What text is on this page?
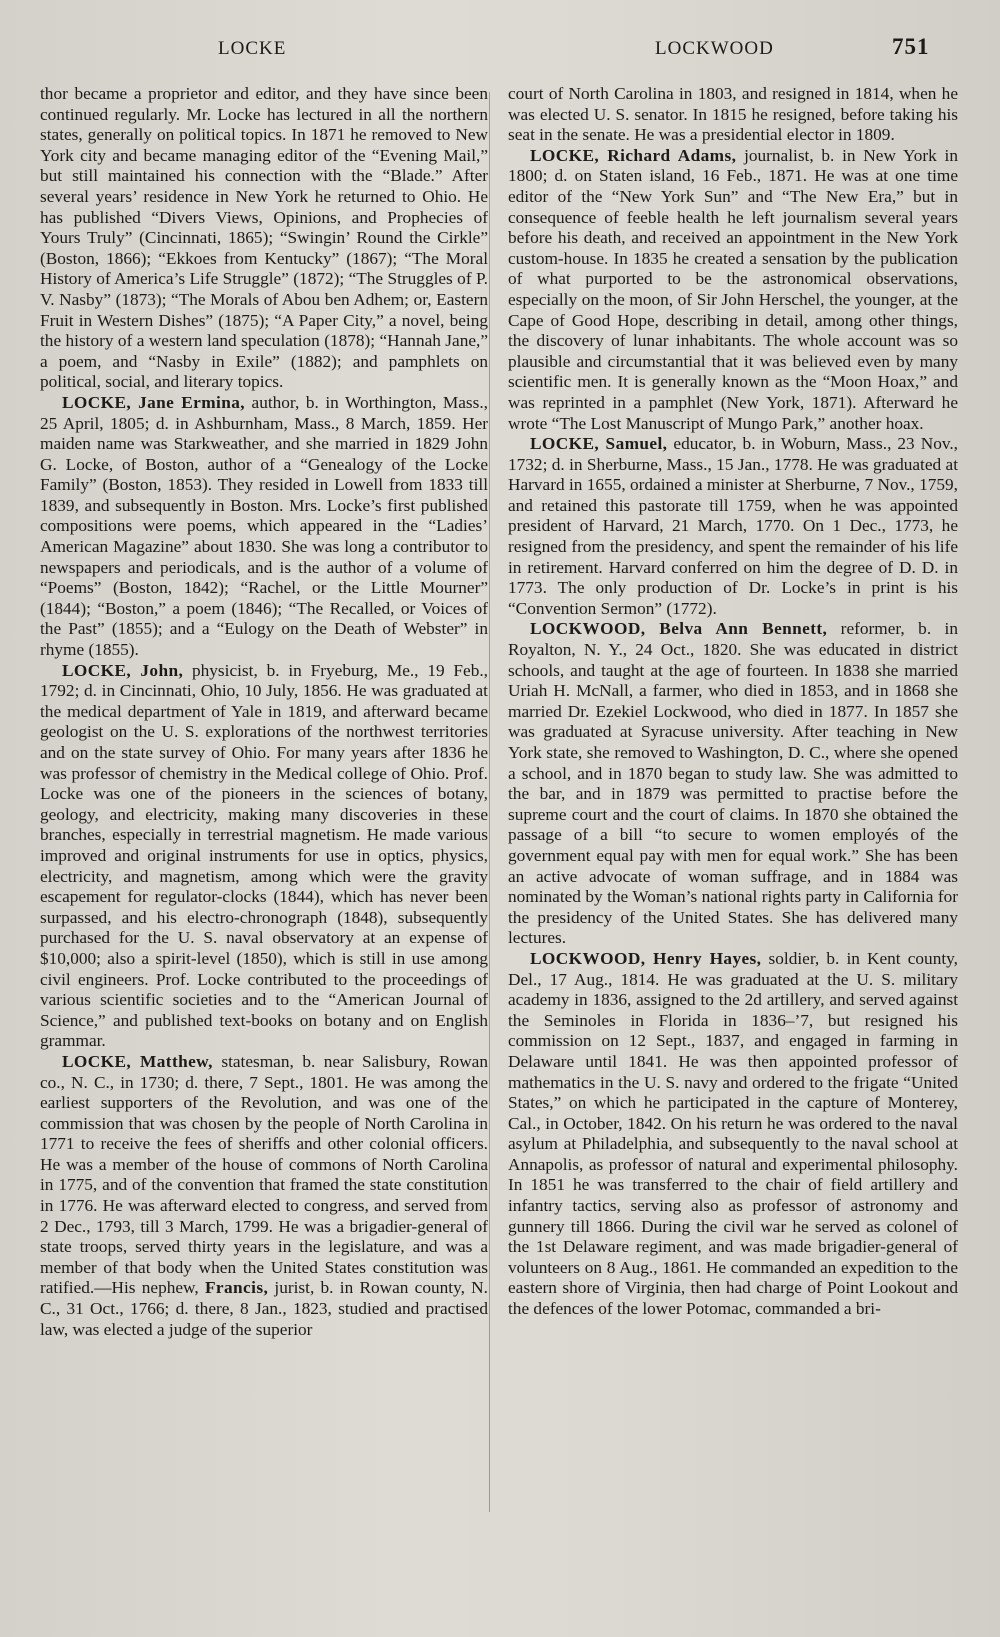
LOCKE	LOCKWOOD	751

thor became a proprietor and editor, and they have since been continued regularly. Mr. Locke has lectured in all the northern states, generally on political topics. In 1871 he removed to New York city and became managing editor of the “Evening Mail,” but still maintained his connection with the “Blade.” After several years’ residence in New York he returned to Ohio. He has published “Divers Views, Opinions, and Prophecies of Yours Truly” (Cincinnati, 1865); “Swingin’ Round the Cirkle” (Boston, 1866); “Ekkoes from Kentucky” (1867); “The Moral History of America’s Life Struggle” (1872); “The Struggles of P. V. Nasby” (1873); “The Morals of Abou ben Adhem; or, Eastern Fruit in Western Dishes” (1875); “A Paper City,” a novel, being the history of a western land speculation (1878); “Hannah Jane,” a poem, and “Nasby in Exile” (1882); and pamphlets on political, social, and literary topics.

LOCKE, Jane Ermina, author, b. in Worthington, Mass., 25 April, 1805; d. in Ashburnham, Mass., 8 March, 1859. Her maiden name was Starkweather, and she married in 1829 John G. Locke, of Boston, author of a “Genealogy of the Locke Family” (Boston, 1853). They resided in Lowell from 1833 till 1839, and subsequently in Boston. Mrs. Locke’s first published compositions were poems, which appeared in the “Ladies’ American Magazine” about 1830. She was long a contributor to newspapers and periodicals, and is the author of a volume of “Poems” (Boston, 1842); “Rachel, or the Little Mourner” (1844); “Boston,” a poem (1846); “The Recalled, or Voices of the Past” (1855); and a “Eulogy on the Death of Webster” in rhyme (1855).

LOCKE, John, physicist, b. in Fryeburg, Me., 19 Feb., 1792; d. in Cincinnati, Ohio, 10 July, 1856. He was graduated at the medical department of Yale in 1819, and afterward became geologist on the U. S. explorations of the northwest territories and on the state survey of Ohio. For many years after 1836 he was professor of chemistry in the Medical college of Ohio. Prof. Locke was one of the pioneers in the sciences of botany, geology, and electricity, making many discoveries in these branches, especially in terrestrial magnetism. He made various improved and original instruments for use in optics, physics, electricity, and magnetism, among which were the gravity escapement for regulator-clocks (1844), which has never been surpassed, and his electro-chronograph (1848), subsequently purchased for the U. S. naval observatory at an expense of $10,000; also a spirit-level (1850), which is still in use among civil engineers. Prof. Locke contributed to the proceedings of various scientific societies and to the “American Journal of Science,” and published text-books on botany and on English grammar.

LOCKE, Matthew, statesman, b. near Salisbury, Rowan co., N. C., in 1730; d. there, 7 Sept., 1801. He was among the earliest supporters of the Revolution, and was one of the commission that was chosen by the people of North Carolina in 1771 to receive the fees of sheriffs and other colonial officers. He was a member of the house of commons of North Carolina in 1775, and of the convention that framed the state constitution in 1776. He was afterward elected to congress, and served from 2 Dec., 1793, till 3 March, 1799. He was a brigadier-general of state troops, served thirty years in the legislature, and was a member of that body when the United States constitution was ratified.—His nephew, Francis, jurist, b. in Rowan county, N. C., 31 Oct., 1766; d. there, 8 Jan., 1823, studied and practised law, was elected a judge of the superior

court of North Carolina in 1803, and resigned in 1814, when he was elected U. S. senator. In 1815 he resigned, before taking his seat in the senate. He was a presidential elector in 1809.

LOCKE, Richard Adams, journalist, b. in New York in 1800; d. on Staten island, 16 Feb., 1871. He was at one time editor of the “New York Sun” and “The New Era,” but in consequence of feeble health he left journalism several years before his death, and received an appointment in the New York custom-house. In 1835 he created a sensation by the publication of what purported to be the astronomical observations, especially on the moon, of Sir John Herschel, the younger, at the Cape of Good Hope, describing in detail, among other things, the discovery of lunar inhabitants. The whole account was so plausible and circumstantial that it was believed even by many scientific men. It is generally known as the “Moon Hoax,” and was reprinted in a pamphlet (New York, 1871). Afterward he wrote “The Lost Manuscript of Mungo Park,” another hoax.

LOCKE, Samuel, educator, b. in Woburn, Mass., 23 Nov., 1732; d. in Sherburne, Mass., 15 Jan., 1778. He was graduated at Harvard in 1655, ordained a minister at Sherburne, 7 Nov., 1759, and retained this pastorate till 1759, when he was appointed president of Harvard, 21 March, 1770. On 1 Dec., 1773, he resigned from the presidency, and spent the remainder of his life in retirement. Harvard conferred on him the degree of D. D. in 1773. The only production of Dr. Locke’s in print is his “Convention Sermon” (1772).

LOCKWOOD, Belva Ann Bennett, reformer, b. in Royalton, N. Y., 24 Oct., 1820. She was educated in district schools, and taught at the age of fourteen. In 1838 she married Uriah H. McNall, a farmer, who died in 1853, and in 1868 she married Dr. Ezekiel Lockwood, who died in 1877. In 1857 she was graduated at Syracuse university. After teaching in New York state, she removed to Washington, D. C., where she opened a school, and in 1870 began to study law. She was admitted to the bar, and in 1879 was permitted to practise before the supreme court and the court of claims. In 1870 she obtained the passage of a bill “to secure to women employés of the government equal pay with men for equal work.” She has been an active advocate of woman suffrage, and in 1884 was nominated by the Woman’s national rights party in California for the presidency of the United States. She has delivered many lectures.

LOCKWOOD, Henry Hayes, soldier, b. in Kent county, Del., 17 Aug., 1814. He was graduated at the U. S. military academy in 1836, assigned to the 2d artillery, and served against the Seminoles in Florida in 1836–’7, but resigned his commission on 12 Sept., 1837, and engaged in farming in Delaware until 1841. He was then appointed professor of mathematics in the U. S. navy and ordered to the frigate “United States,” on which he participated in the capture of Monterey, Cal., in October, 1842. On his return he was ordered to the naval asylum at Philadelphia, and subsequently to the naval school at Annapolis, as professor of natural and experimental philosophy. In 1851 he was transferred to the chair of field artillery and infantry tactics, serving also as professor of astronomy and gunnery till 1866. During the civil war he served as colonel of the 1st Delaware regiment, and was made brigadier-general of volunteers on 8 Aug., 1861. He commanded an expedition to the eastern shore of Virginia, then had charge of Point Lookout and the defences of the lower Potomac, commanded a bri-
